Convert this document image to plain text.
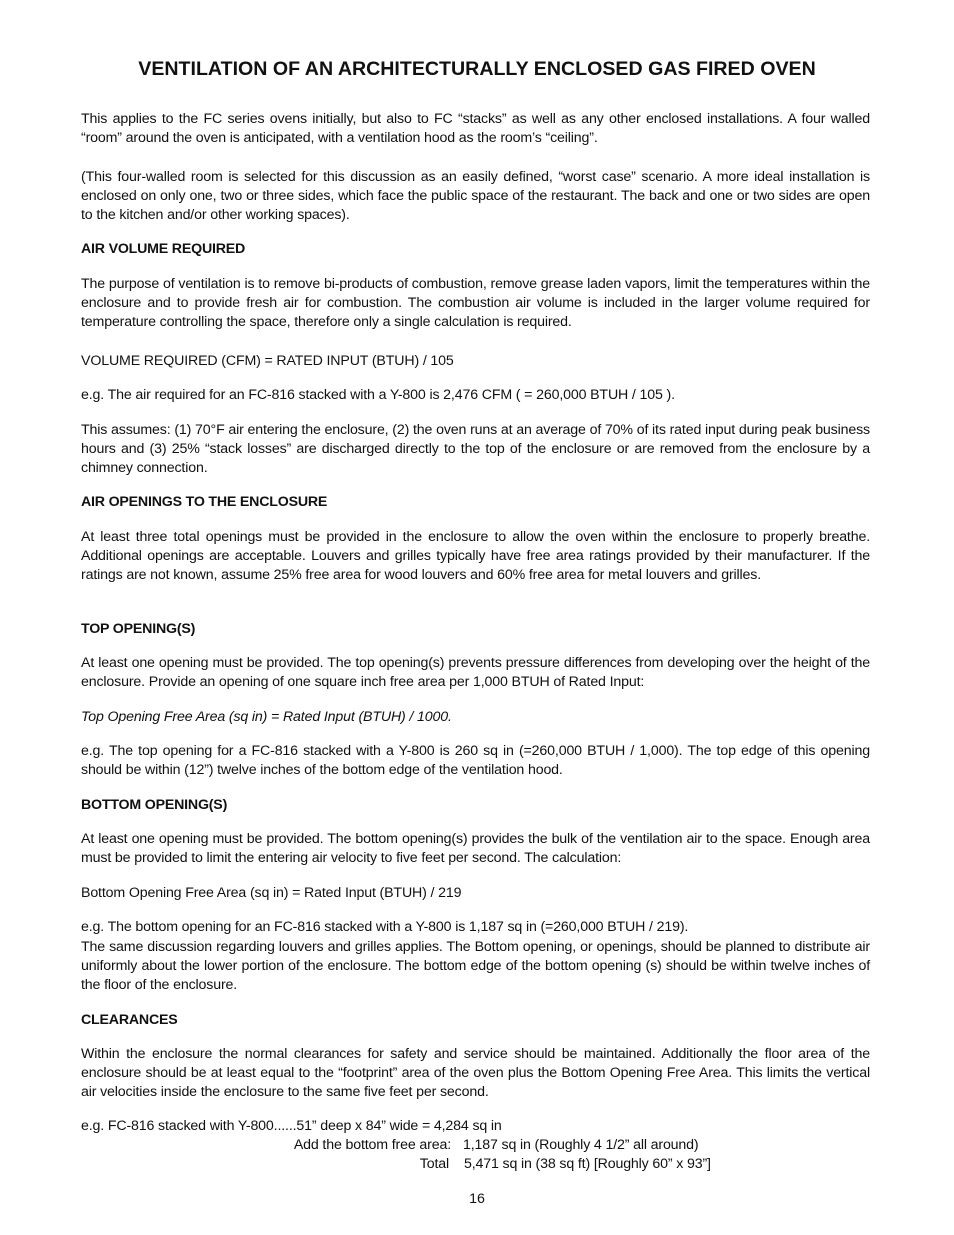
VENTILATION OF AN ARCHITECTURALLY ENCLOSED GAS FIRED OVEN
This applies to the FC series ovens initially, but also to FC “stacks” as well as any other enclosed installations. A four walled “room” around the oven is anticipated, with a ventilation hood as the room’s “ceiling”.
(This four-walled room is selected for this discussion as an easily defined, “worst case” scenario. A more ideal installation is enclosed on only one, two or three sides, which face the public space of the restaurant. The back and one or two sides are open to the kitchen and/or other working spaces).
AIR VOLUME REQUIRED
The purpose of ventilation is to remove bi-products of combustion, remove grease laden vapors, limit the temperatures within the enclosure and to provide fresh air for combustion. The combustion air volume is included in the larger volume required for temperature controlling the space, therefore only a single calculation is required.
VOLUME REQUIRED (CFM) = RATED INPUT (BTUH) / 105
e.g. The air required for an FC-816 stacked with a Y-800 is 2,476 CFM ( = 260,000 BTUH / 105 ).
This assumes: (1) 70°F air entering the enclosure, (2) the oven runs at an average of 70% of its rated input during peak business hours and (3) 25% “stack losses” are discharged directly to the top of the enclosure or are removed from the enclosure by a chimney connection.
AIR OPENINGS TO THE ENCLOSURE
At least three total openings must be provided in the enclosure to allow the oven within the enclosure to properly breathe. Additional openings are acceptable. Louvers and grilles typically have free area ratings provided by their manufacturer. If the ratings are not known, assume 25% free area for wood louvers and 60% free area for metal louvers and grilles.
TOP OPENING(S)
At least one opening must be provided. The top opening(s) prevents pressure differences from developing over the height of the enclosure. Provide an opening of one square inch free area per 1,000 BTUH of Rated Input:
Top Opening Free Area (sq in) = Rated Input (BTUH) / 1000.
e.g. The top opening for a FC-816 stacked with a Y-800 is 260 sq in (=260,000 BTUH / 1,000). The top edge of this opening should be within (12”) twelve inches of the bottom edge of the ventilation hood.
BOTTOM OPENING(S)
At least one opening must be provided. The bottom opening(s) provides the bulk of the ventilation air to the space. Enough area must be provided to limit the entering air velocity to five feet per second. The calculation:
Bottom Opening Free Area (sq in) = Rated Input (BTUH) / 219
e.g. The bottom opening for an FC-816 stacked with a Y-800 is 1,187 sq in (=260,000 BTUH / 219).
The same discussion regarding louvers and grilles applies. The Bottom opening, or openings, should be planned to distribute air uniformly about the lower portion of the enclosure. The bottom edge of the bottom opening (s) should be within twelve inches of the floor of the enclosure.
CLEARANCES
Within the enclosure the normal clearances for safety and service should be maintained. Additionally the floor area of the enclosure should be at least equal to the “footprint” area of the oven plus the Bottom Opening Free Area. This limits the vertical air velocities inside the enclosure to the same five feet per second.
e.g. FC-816 stacked with Y-800......51” deep x 84” wide = 4,284 sq in
Add the bottom free area: 1,187 sq in (Roughly 4 1/2” all around)
Total 5,471 sq in (38 sq ft) [Roughly 60” x 93”]
16
